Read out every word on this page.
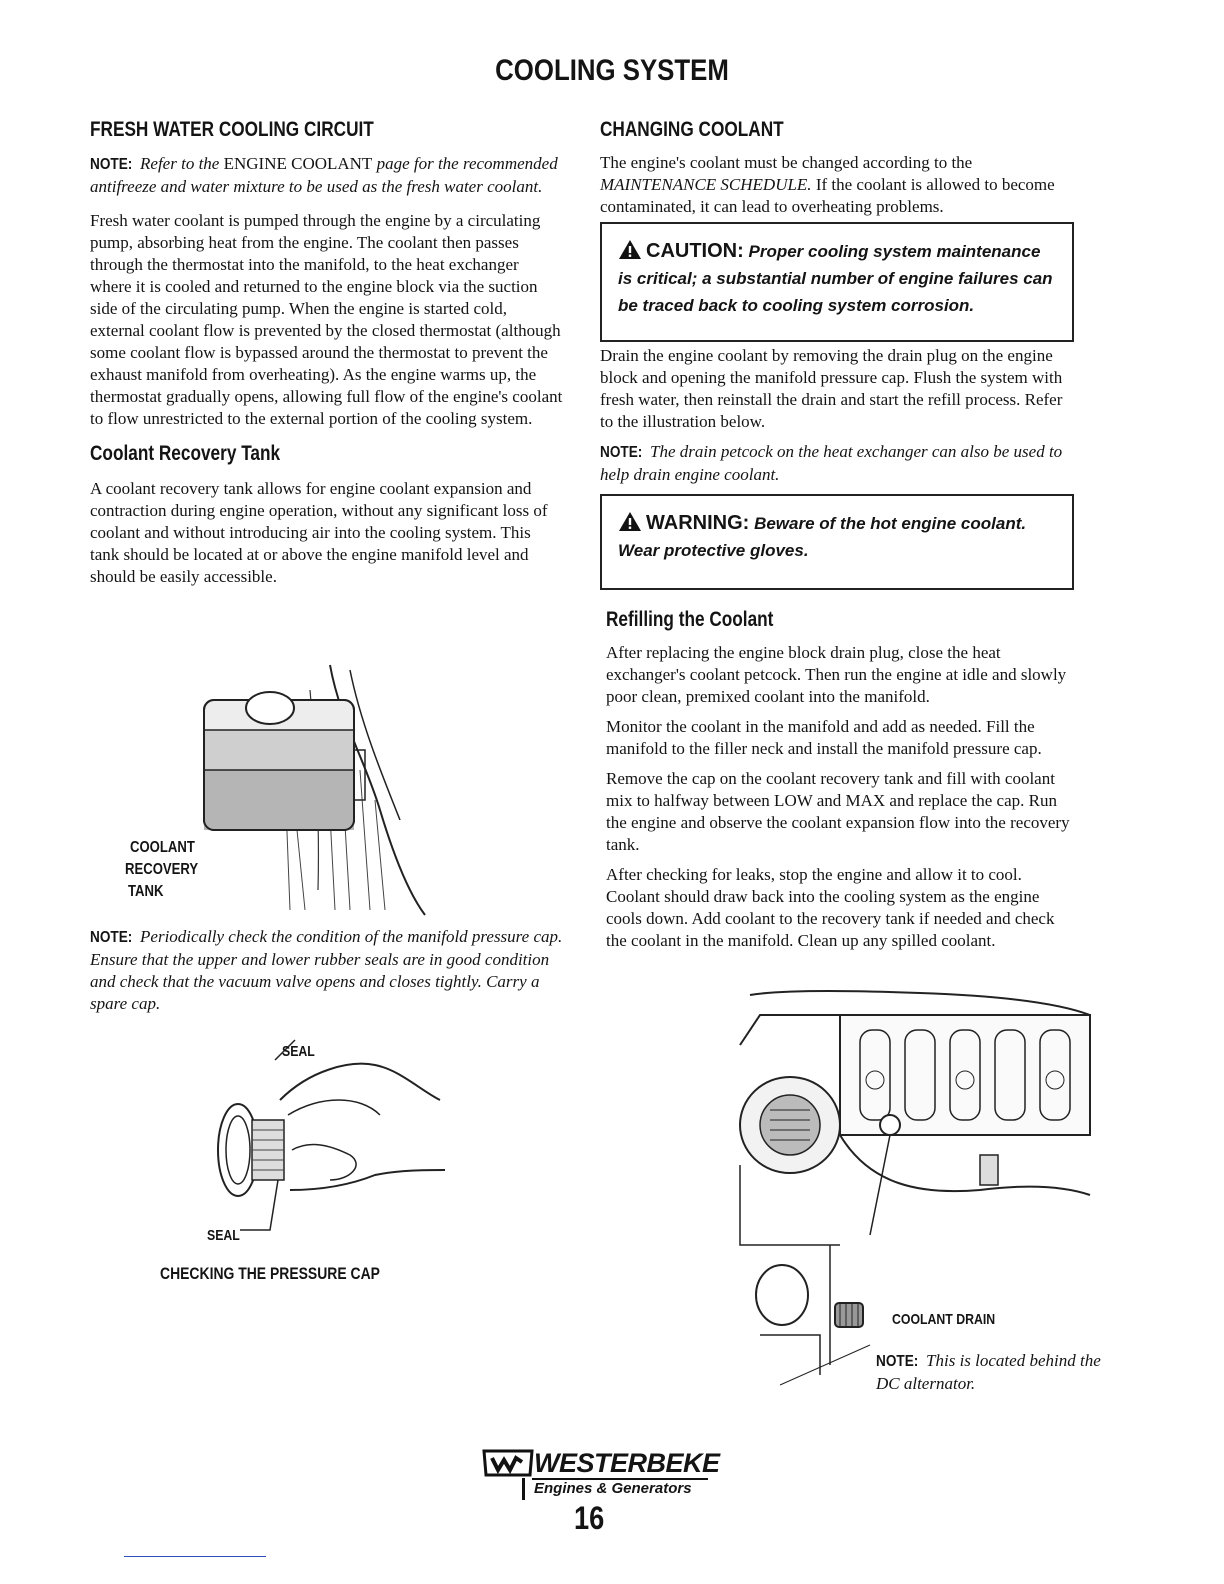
COOLING SYSTEM
FRESH WATER COOLING CIRCUIT

NOTE: Refer to the ENGINE COOLANT page for the recommended antifreeze and water mixture to be used as the fresh water coolant.

Fresh water coolant is pumped through the engine by a circulating pump, absorbing heat from the engine. The coolant then passes through the thermostat into the manifold, to the heat exchanger where it is cooled and returned to the engine block via the suction side of the circulating pump. When the engine is started cold, external coolant flow is prevented by the closed thermostat (although some coolant flow is bypassed around the thermostat to prevent the exhaust manifold from overheating). As the engine warms up, the thermostat gradually opens, allowing full flow of the engine's coolant to flow unrestricted to the external portion of the cooling system.

Coolant Recovery Tank

A coolant recovery tank allows for engine coolant expansion and contraction during engine operation, without any significant loss of coolant and without introducing air into the cooling system. This tank should be located at or above the engine manifold level and should be easily accessible.

COOLANT
RECOVERY
TANK

NOTE: Periodically check the condition of the manifold pressure cap. Ensure that the upper and lower rubber seals are in good condition and check that the vacuum valve opens and closes tightly. Carry a spare cap.

SEAL
SEAL
CHECKING THE PRESSURE CAP
CHANGING COOLANT

The engine's coolant must be changed according to the MAINTENANCE SCHEDULE. If the coolant is allowed to become contaminated, it can lead to overheating problems.

CAUTION: Proper cooling system maintenance is critical; a substantial number of engine failures can be traced back to cooling system corrosion.

Drain the engine coolant by removing the drain plug on the engine block and opening the manifold pressure cap. Flush the system with fresh water, then reinstall the drain and start the refill process. Refer to the illustration below.

NOTE: The drain petcock on the heat exchanger can also be used to help drain engine coolant.

WARNING: Beware of the hot engine coolant. Wear protective gloves.
Refilling the Coolant

After replacing the engine block drain plug, close the heat exchanger's coolant petcock. Then run the engine at idle and slowly poor clean, premixed coolant into the manifold.

Monitor the coolant in the manifold and add as needed. Fill the manifold to the filler neck and install the manifold pressure cap.

Remove the cap on the coolant recovery tank and fill with coolant mix to halfway between LOW and MAX and replace the cap. Run the engine and observe the coolant expansion flow into the recovery tank.

After checking for leaks, stop the engine and allow it to cool. Coolant should draw back into the cooling system as the engine cools down. Add coolant to the recovery tank if needed and check the coolant in the manifold. Clean up any spilled coolant.

COOLANT DRAIN

NOTE: This is located behind the DC alternator.

WESTERBEKE
Engines & Generators
16
